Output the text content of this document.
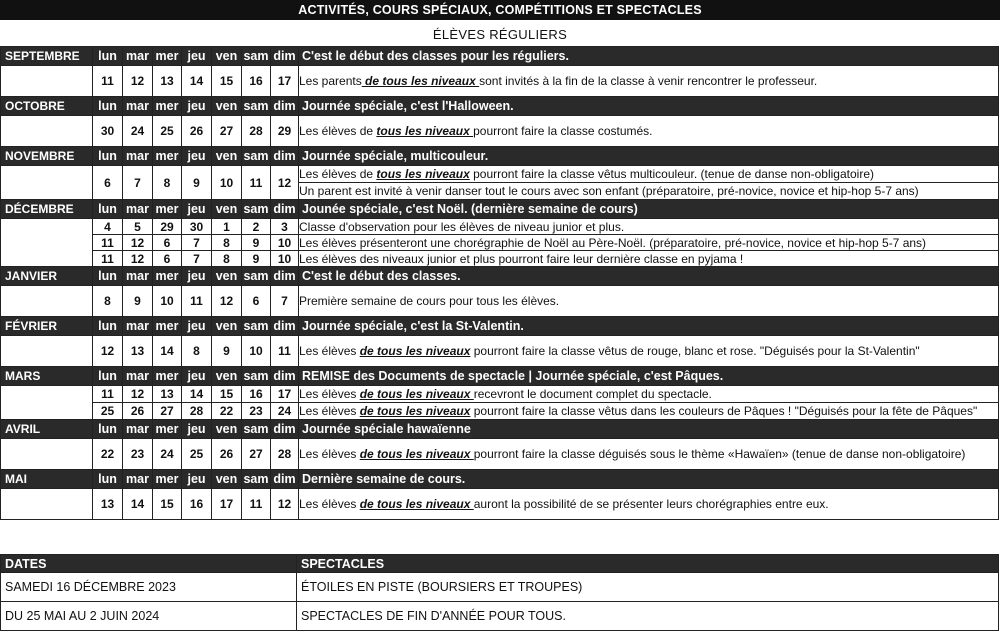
ACTIVITÉS, COURS SPÉCIAUX, COMPÉTITIONS ET SPECTACLES
ÉLÈVES RÉGULIERS
SEPTEMBRE	lun	mar	mer	jeu	ven	sam	dim	C'est le début des classes pour les réguliers.
	11	12	13	14	15	16	17	Les parents de tous les niveaux sont invités à la fin de la classe à venir rencontrer le professeur.
OCTOBRE	lun	mar	mer	jeu	ven	sam	dim	Journée spéciale, c'est l'Halloween.
	30	24	25	26	27	28	29	Les élèves de tous les niveaux pourront faire la classe costumés.
NOVEMBRE	lun	mar	mer	jeu	ven	sam	dim	Journée spéciale, multicouleur.
	6	7	8	9	10	11	12	Les élèves de tous les niveaux pourront faire la classe vêtus multicouleur. (tenue de danse non-obligatoire)
								Un parent est invité à venir danser tout le cours avec son enfant (préparatoire, pré-novice, novice et hip-hop 5-7 ans)
DÉCEMBRE	lun	mar	mer	jeu	ven	sam	dim	Jounée spéciale, c'est Noël. (dernière semaine de cours)
	4	5	29	30	1	2	3	Classe d'observation pour les élèves de niveau junior et plus.
	11	12	6	7	8	9	10	Les élèves présenteront une chorégraphie de Noël au Père-Noël. (préparatoire, pré-novice, novice et hip-hop 5-7 ans)
	11	12	6	7	8	9	10	Les élèves des niveaux junior et plus pourront faire leur dernière classe en pyjama !
JANVIER	lun	mar	mer	jeu	ven	sam	dim	C'est le début des classes.
	8	9	10	11	12	6	7	Première semaine de cours pour tous les élèves.
FÉVRIER	lun	mar	mer	jeu	ven	sam	dim	Journée spéciale, c'est la St-Valentin.
	12	13	14	8	9	10	11	Les élèves de tous les niveaux pourront faire la classe vêtus de rouge, blanc et rose. "Déguisés pour la St-Valentin"
MARS	lun	mar	mer	jeu	ven	sam	dim	REMISE des Documents de spectacle | Journée spéciale, c'est Pâques.
	11	12	13	14	15	16	17	Les élèves de tous les niveaux recevront le document complet du spectacle.
	25	26	27	28	22	23	24	Les élèves de tous les niveaux pourront faire la classe vêtus dans les couleurs de Pâques ! "Déguisés pour la fête de Pâques"
AVRIL	lun	mar	mer	jeu	ven	sam	dim	Journée spéciale hawaïenne
	22	23	24	25	26	27	28	Les élèves de tous les niveaux pourront faire la classe déguisés sous le thème «Hawaïen» (tenue de danse non-obligatoire)
MAI	lun	mar	mer	jeu	ven	sam	dim	Dernière semaine de cours.
	13	14	15	16	17	11	12	Les élèves de tous les niveaux auront la possibilité de se présenter leurs chorégraphies entre eux.
DATES	SPECTACLES
SAMEDI 16 DÉCEMBRE 2023	ÉTOILES EN PISTE (BOURSIERS ET TROUPES)
DU 25 MAI AU 2 JUIN 2024	SPECTACLES DE FIN D'ANNÉE POUR TOUS.
